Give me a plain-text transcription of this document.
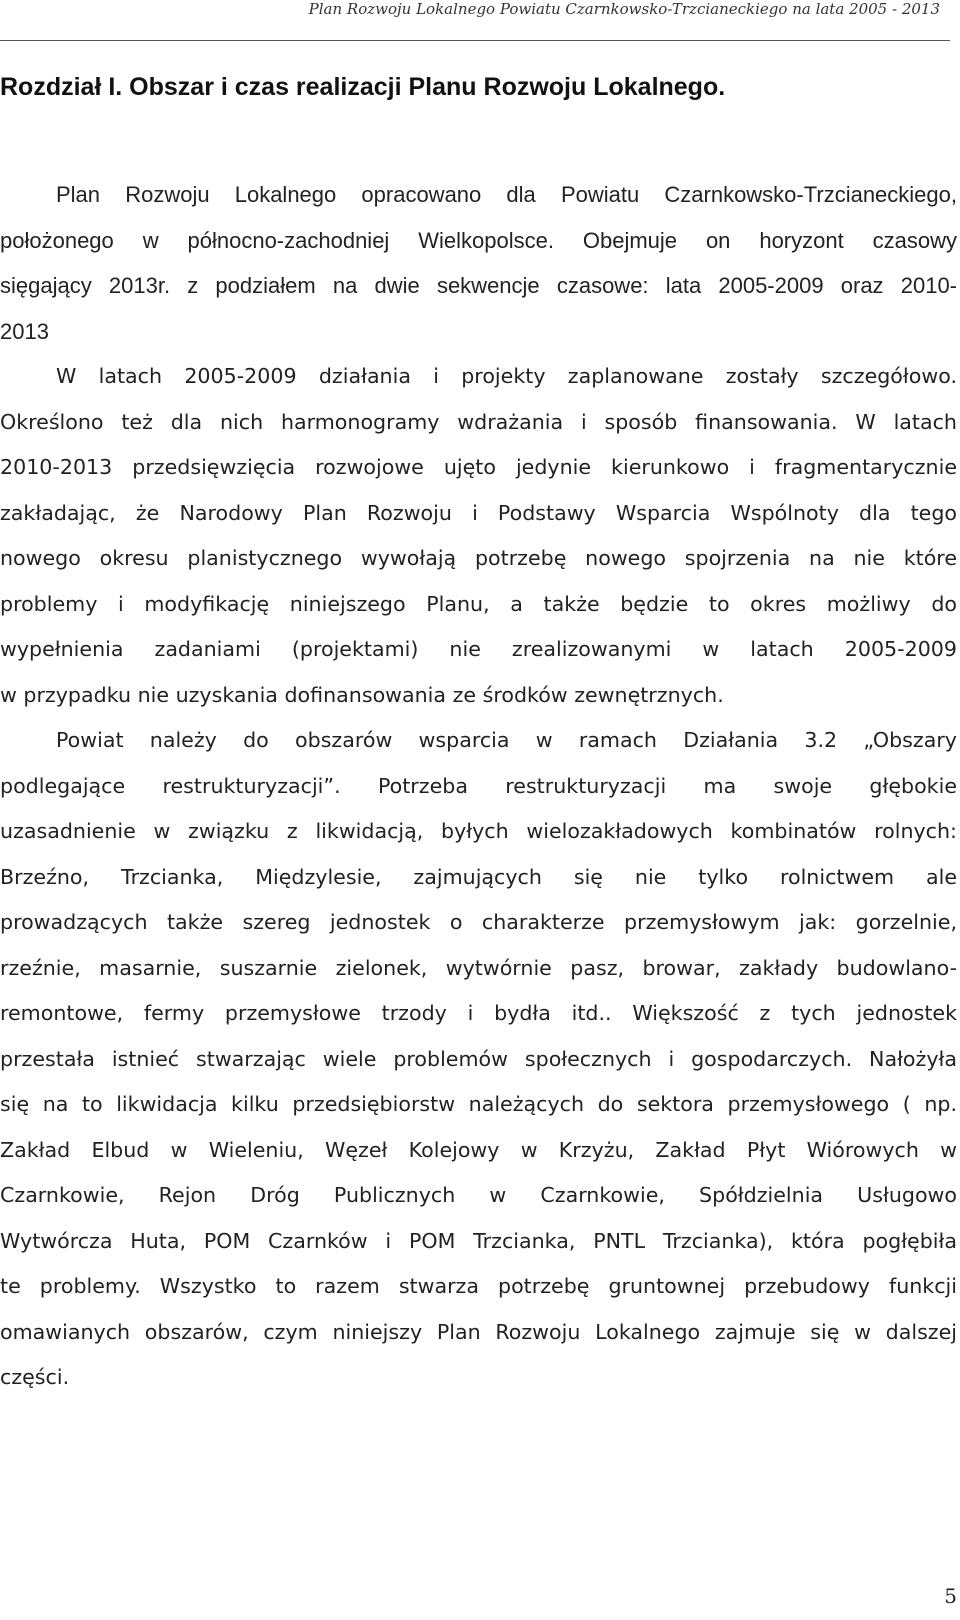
Plan Rozwoju Lokalnego Powiatu Czarnkowsko-Trzcianeckiego na lata 2005 - 2013
Rozdział I. Obszar i czas realizacji Planu Rozwoju Lokalnego.
Plan Rozwoju Lokalnego opracowano dla Powiatu Czarnkowsko-Trzcianeckiego,
położonego w północno-zachodniej Wielkopolsce. Obejmuje on horyzont czasowy
sięgający 2013r. z podziałem na dwie sekwencje czasowe: lata 2005-2009 oraz 2010-
2013
W latach 2005-2009 działania i projekty zaplanowane zostały szczegółowo.
Określono też dla nich harmonogramy wdrażania i sposób finansowania. W latach
2010-2013 przedsięwzięcia rozwojowe ujęto jedynie kierunkowo i fragmentarycznie
zakładając, że Narodowy Plan Rozwoju i Podstawy Wsparcia Wspólnoty dla tego
nowego okresu planistycznego wywołają potrzebę nowego spojrzenia na nie które
problemy i modyfikację niniejszego Planu, a także będzie to okres możliwy do
wypełnienia zadaniami (projektami) nie zrealizowanymi w latach 2005-2009
w przypadku nie uzyskania dofinansowania ze środków zewnętrznych.
Powiat należy do obszarów wsparcia w ramach Działania 3.2 „Obszary
podlegające restrukturyzacji”. Potrzeba restrukturyzacji ma swoje głębokie
uzasadnienie w związku z likwidacją, byłych wielozakładowych kombinatów rolnych:
Brzeźno, Trzcianka, Międzylesie, zajmujących się nie tylko rolnictwem ale
prowadzących także szereg jednostek o charakterze przemysłowym jak: gorzelnie,
rzeźnie, masarnie, suszarnie zielonek, wytwórnie pasz, browar, zakłady budowlano-
remontowe, fermy przemysłowe trzody i bydła itd.. Większość z tych jednostek
przestała istnieć stwarzając wiele problemów społecznych i gospodarczych. Nałożyła
się na to likwidacja kilku przedsiębiorstw należących do sektora przemysłowego ( np.
Zakład Elbud w Wieleniu, Węzeł Kolejowy w Krzyżu, Zakład Płyt Wiórowych w
Czarnkowie, Rejon Dróg Publicznych w Czarnkowie, Spółdzielnia Usługowo
Wytwórcza Huta, POM Czarnków i POM Trzcianka, PNTL Trzcianka), która pogłębiła
te problemy. Wszystko to razem stwarza potrzebę gruntownej przebudowy funkcji
omawianych obszarów, czym niniejszy Plan Rozwoju Lokalnego zajmuje się w dalszej
części.
5
